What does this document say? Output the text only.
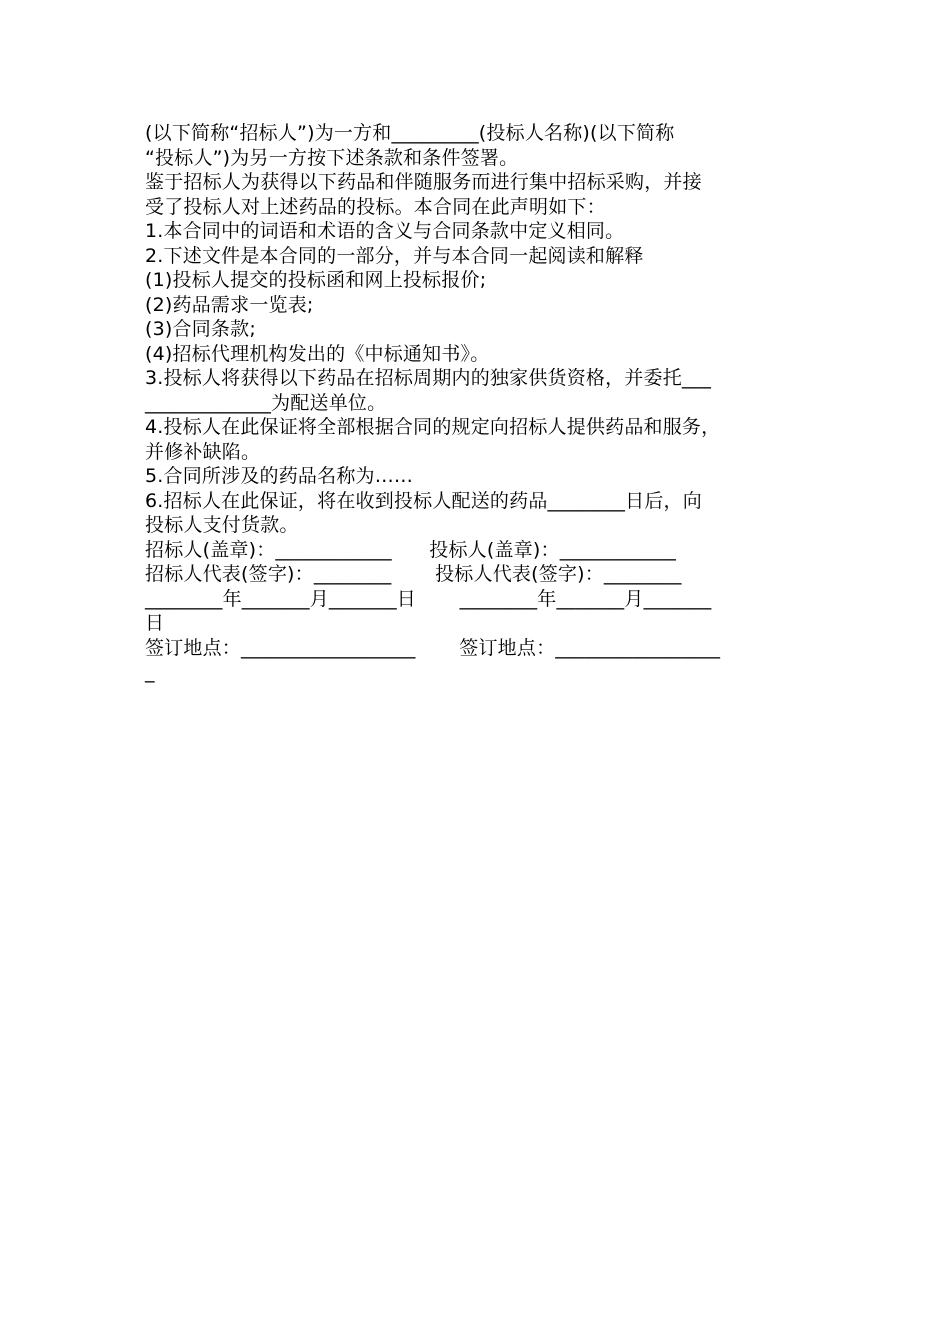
(以下简称“招标人”)为一方和_________(投标人名称)(以下简称
“投标人”)为另一方按下述条款和条件签署。
鉴于招标人为获得以下药品和伴随服务而进行集中招标采购，并接
受了投标人对上述药品的投标。本合同在此声明如下：
1.本合同中的词语和术语的含义与合同条款中定义相同。
2.下述文件是本合同的一部分，并与本合同一起阅读和解释
(1)投标人提交的投标函和网上投标报价;
(2)药品需求一览表;
(3)合同条款;
(4)招标代理机构发出的《中标通知书》。
3.投标人将获得以下药品在招标周期内的独家供货资格，并委托___
_____________为配送单位。
4.投标人在此保证将全部根据合同的规定向招标人提供药品和服务，
并修补缺陷。
5.合同所涉及的药品名称为……
6.招标人在此保证，将在收到投标人配送的药品________日后，向
投标人支付货款。
招标人(盖章)：____________      投标人(盖章)：____________
招标人代表(签字)：________       投标人代表(签字)：________
________年_______月_______日       ________年_______月_______
日
签订地点：__________________       签订地点：_________________
_
